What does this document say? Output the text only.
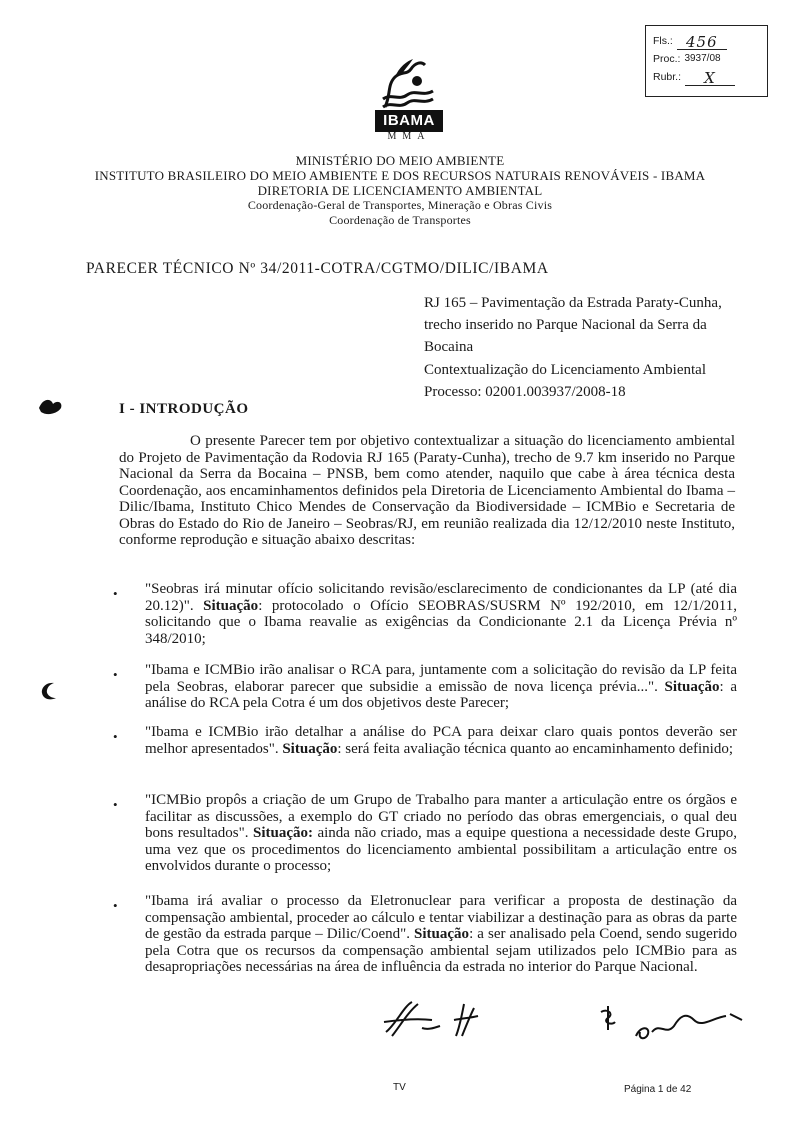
Fls.: 456
Proc.: 3937/08
Rubr.:	X
IBAMA
MMA
MINISTÉRIO DO MEIO AMBIENTE
INSTITUTO BRASILEIRO DO MEIO AMBIENTE E DOS RECURSOS NATURAIS RENOVÁVEIS - IBAMA
DIRETORIA DE LICENCIAMENTO AMBIENTAL
Coordenação-Geral de Transportes, Mineração e Obras Civis
Coordenação de Transportes
PARECER TÉCNICO Nº 34/2011-COTRA/CGTMO/DILIC/IBAMA
RJ 165 – Pavimentação da Estrada Paraty-Cunha, trecho inserido no Parque Nacional da Serra da Bocaina
Contextualização do Licenciamento Ambiental
Processo: 02001.003937/2008-18
I - INTRODUÇÃO
O presente Parecer tem por objetivo contextualizar a situação do licenciamento ambiental do Projeto de Pavimentação da Rodovia RJ 165 (Paraty-Cunha), trecho de 9.7 km inserido no Parque Nacional da Serra da Bocaina – PNSB, bem como atender, naquilo que cabe à área técnica desta Coordenação, aos encaminhamentos definidos pela Diretoria de Licenciamento Ambiental do Ibama – Dilic/Ibama, Instituto Chico Mendes de Conservação da Biodiversidade – ICMBio e Secretaria de Obras do Estado do Rio de Janeiro – Seobras/RJ, em reunião realizada dia 12/12/2010 neste Instituto, conforme reprodução e situação abaixo descritas:
•	"Seobras irá minutar ofício solicitando revisão/esclarecimento de condicionantes da LP (até dia 20.12)". Situação: protocolado o Ofício SEOBRAS/SUSRM Nº 192/2010, em 12/1/2011, solicitando que o Ibama reavalie as exigências da Condicionante 2.1 da Licença Prévia nº 348/2010;
•	"Ibama e ICMBio irão analisar o RCA para, juntamente com a solicitação do revisão da LP feita pela Seobras, elaborar parecer que subsidie a emissão de nova licença prévia...". Situação: a análise do RCA pela Cotra é um dos objetivos deste Parecer;
•	"Ibama e ICMBio irão detalhar a análise do PCA para deixar claro quais pontos deverão ser melhor apresentados". Situação: será feita avaliação técnica quanto ao encaminhamento definido;
•	"ICMBio propôs a criação de um Grupo de Trabalho para manter a articulação entre os órgãos e facilitar as discussões, a exemplo do GT criado no período das obras emergenciais, o qual deu bons resultados". Situação: ainda não criado, mas a equipe questiona a necessidade deste Grupo, uma vez que os procedimentos do licenciamento ambiental possibilitam a articulação entre os envolvidos durante o processo;
•	"Ibama irá avaliar o processo da Eletronuclear para verificar a proposta de destinação da compensação ambiental, proceder ao cálculo e tentar viabilizar a destinação para as obras da parte de gestão da estrada parque – Dilic/Coend". Situação: a ser analisado pela Coend, sendo sugerido pela Cotra que os recursos da compensação ambiental sejam utilizados pelo ICMBio para as desapropriações necessárias na área de influência da estrada no interior do Parque Nacional.
TV	Página 1 de 42
